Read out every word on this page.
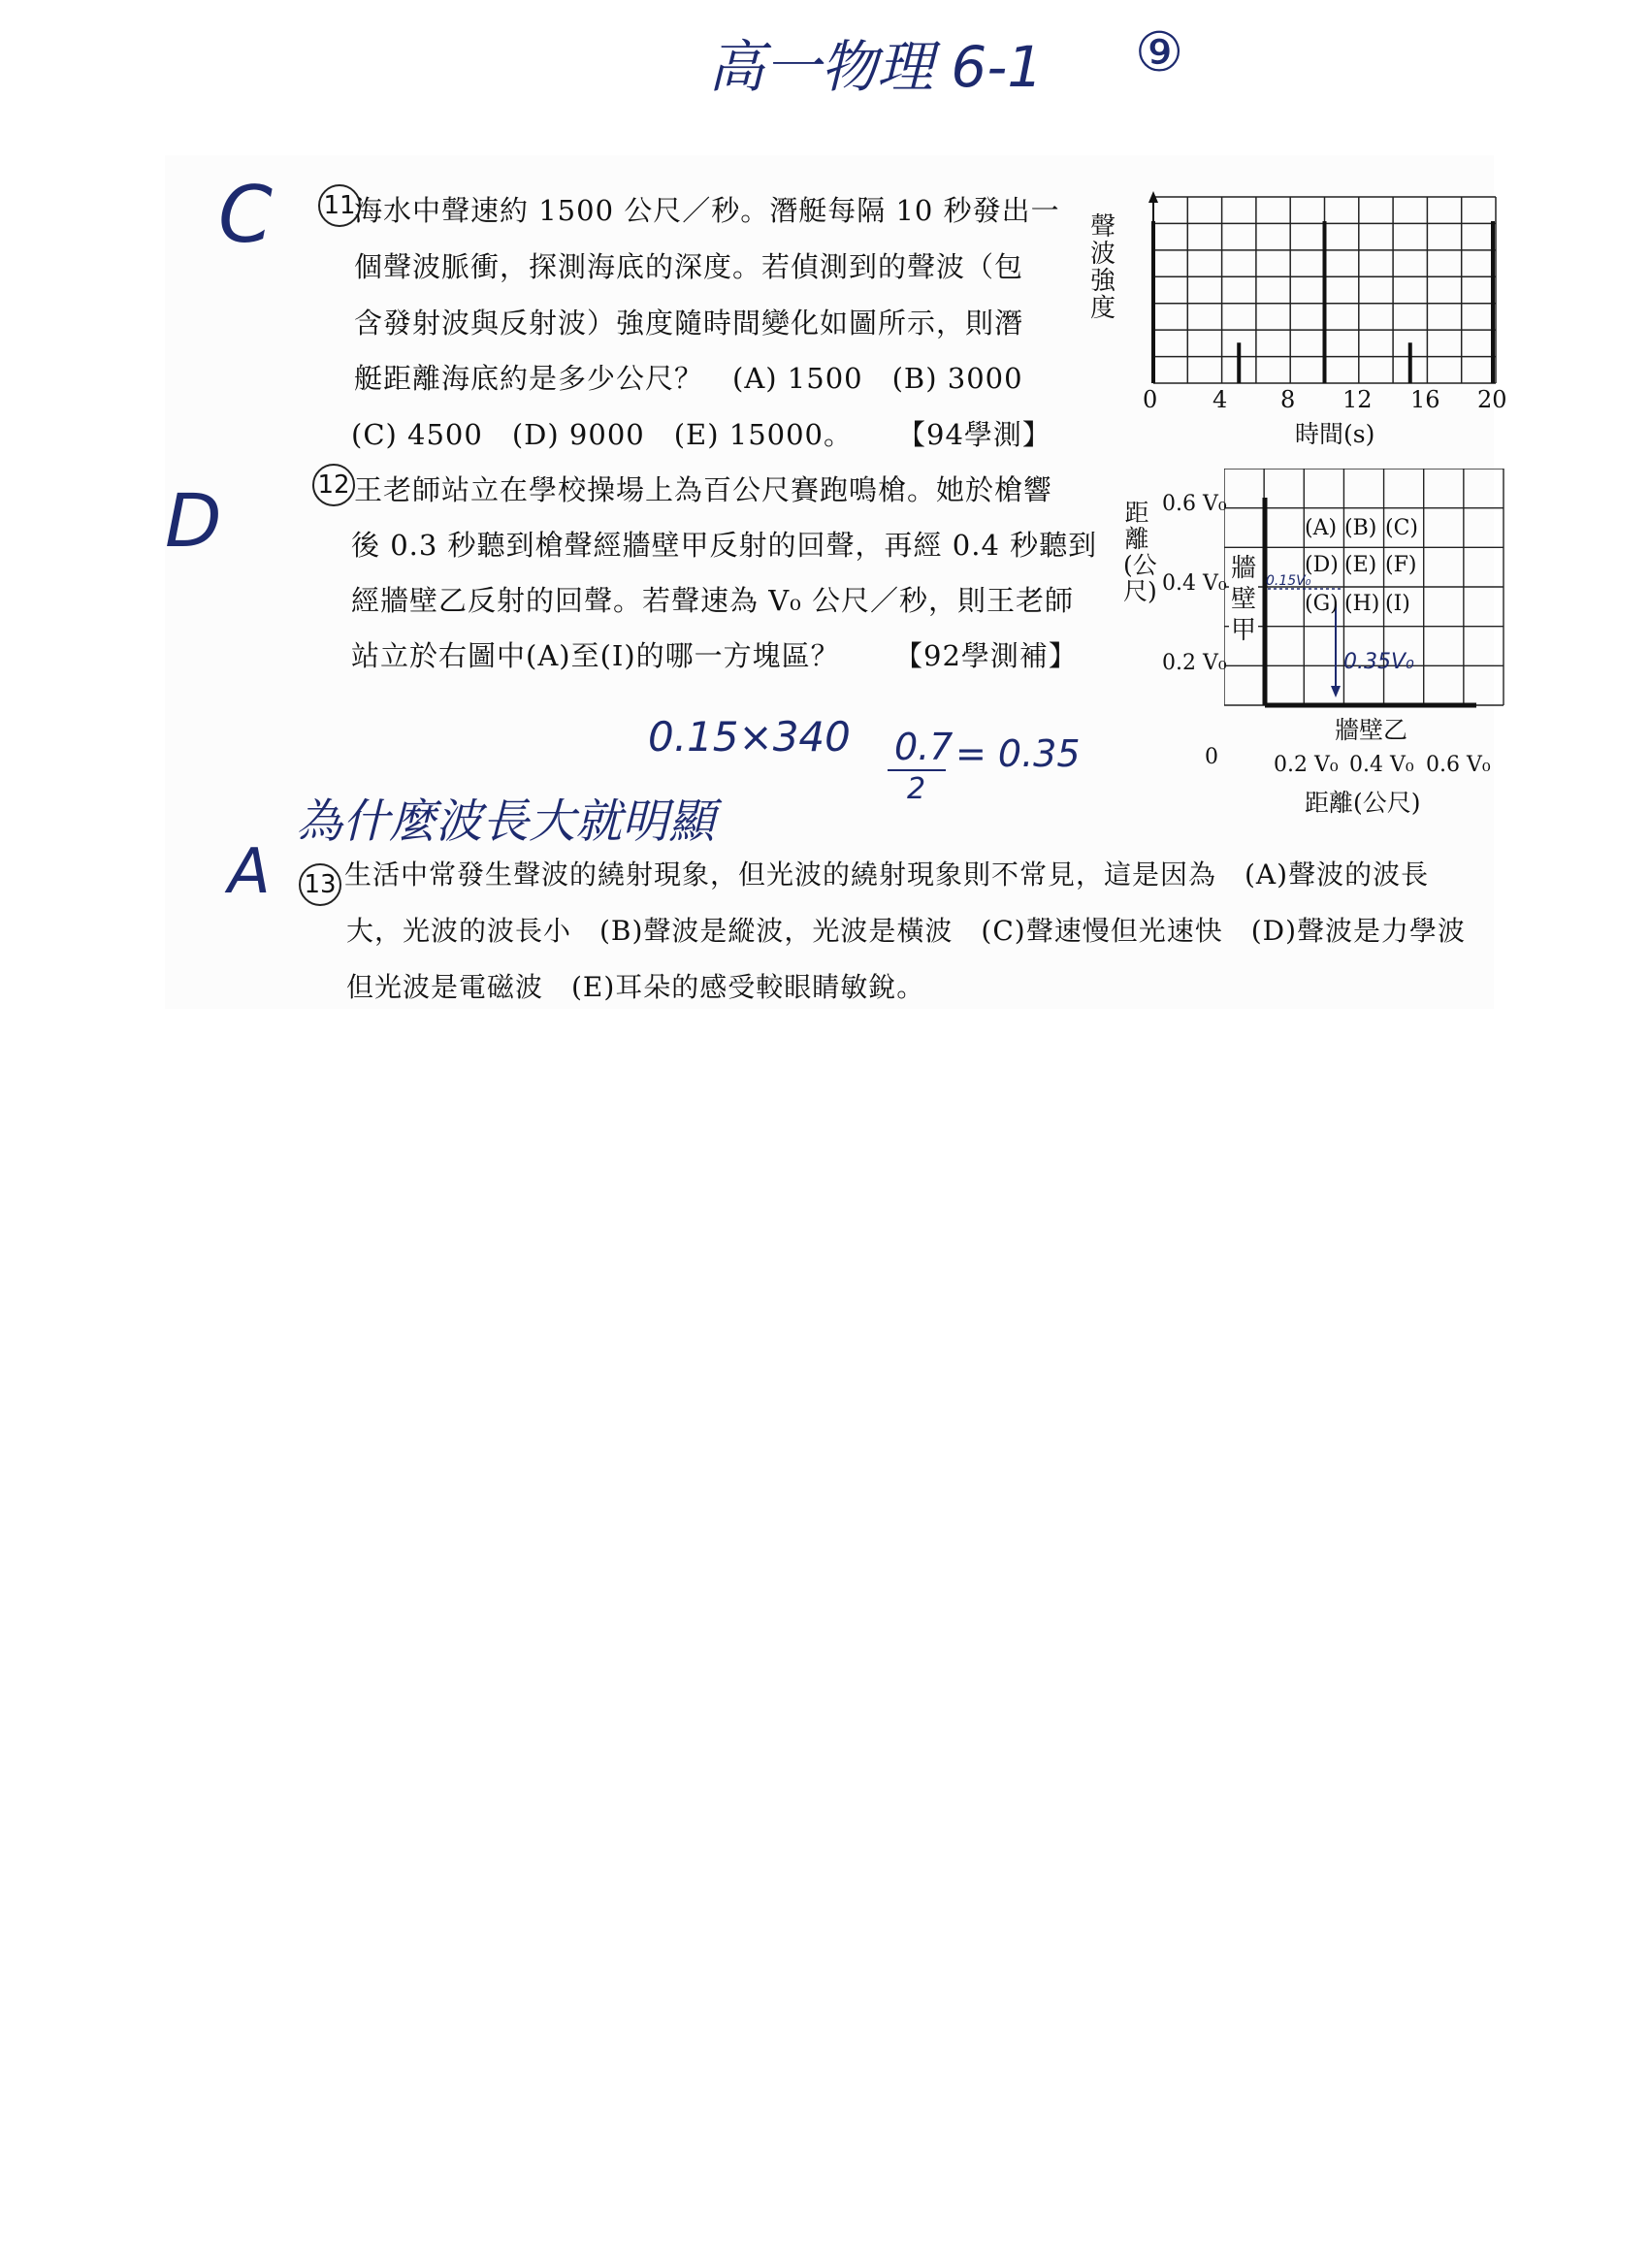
高一物理 6-1 ⑨
C 11
海水中聲速約 1500 公尺／秒。潛艇每隔 10 秒發出一
個聲波脈衝，探測海底的深度。若偵測到的聲波（包
含發射波與反射波）強度隨時間變化如圖所示，則潛
艇距離海底約是多少公尺？　(A) 1500　(B) 3000
(C) 4500　(D) 9000　(E) 15000。 【94學測】
聲波強度
0 4 8 12 16 20
時間(s)
D	12 王老師站立在學校操場上為百公尺賽跑鳴槍。她於槍響
後 0.3 秒聽到槍聲經牆壁甲反射的回聲，再經 0.4 秒聽到
經牆壁乙反射的回聲。若聲速為 V₀ 公尺／秒，則王老師
站立於右圖中(A)至(I)的哪一方塊區？ 【92學測補】
0.15×340 0.7
2
= 0.35
距離(公尺)
0.6 V₀
0.4 V₀
0.2 V₀
(A) (B) (C)
(D) (E) (F)
(G) (H) (I)
牆壁甲
牆壁乙
0.15V₀
0.35V₀
0	0.2 V₀ 0.4 V₀ 0.6 V₀
距離(公尺)
為什麼波長大就明顯
A 13 生活中常發生聲波的繞射現象，但光波的繞射現象則不常見，這是因為　(A)聲波的波長
大，光波的波長小　(B)聲波是縱波，光波是橫波　(C)聲速慢但光速快　(D)聲波是力學波
但光波是電磁波　(E)耳朵的感受較眼睛敏銳。
